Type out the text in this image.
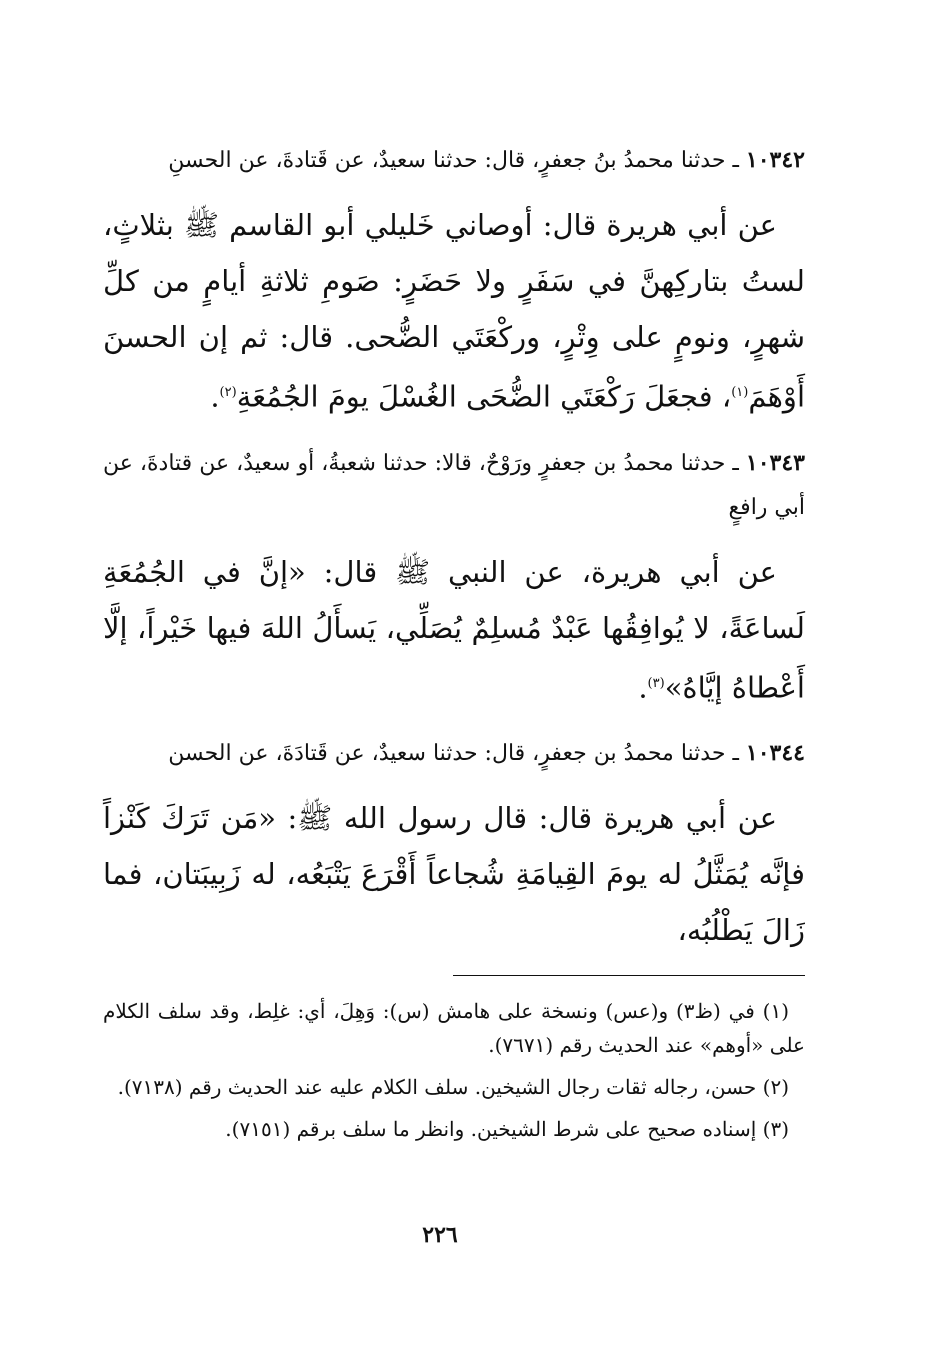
١٠٣٤٢ ـ حدثنا محمدُ بنُ جعفرٍ، قال: حدثنا سعيدٌ، عن قَتادةَ، عن الحسنِ

عن أبي هريرة قال: أوصاني خَليلي أبو القاسم ﷺ بثلاثٍ، لستُ بتاركِهنَّ في سَفَرٍ ولا حَضَرٍ: صَومِ ثلاثةِ أيامٍ من كلِّ شهرٍ، ونومٍ على وِتْرٍ، وركْعَتَي الضُّحى. قال: ثم إن الحسنَ أَوْهَمَ$^{(١)}$، فجعَلَ رَكْعَتَي الضُّحَى الغُسْلَ يومَ الجُمُعَةِ$^{(٢)}$.

١٠٣٤٣ ـ حدثنا محمدُ بن جعفرٍ ورَوْحٌ، قالا: حدثنا شعبةُ، أو سعيدٌ، عن قتادةَ، عن أبي رافعٍ

عن أبي هريرة، عن النبي ﷺ قال: «إنَّ في الجُمُعَةِ لَساعَةً، لا يُوافِقُها عَبْدٌ مُسلِمٌ يُصَلِّي، يَسأَلُ اللهَ فيها خَيْراً، إلَّا أَعْطاهُ إيَّاهُ»$^{(٣)}$.

١٠٣٤٤ ـ حدثنا محمدُ بن جعفرٍ، قال: حدثنا سعيدٌ، عن قَتادَةَ، عن الحسن

عن أبي هريرة قال: قال رسول الله ﷺ: «مَن تَرَكَ كَنْزاً فإنَّه يُمَثَّلُ له يومَ القِيامَةِ شُجاعاً أَقْرَعَ يَتْبَعُه، له زَبِيبَتان، فما زَالَ يَطْلُبُه،

(١) في (ظ٣) و(عس) ونسخة على هامش (س): وَهِلَ، أي: غلِط، وقد سلف الكلام على «أوهم» عند الحديث رقم (٧٦٧١).

(٢) حسن، رجاله ثقات رجال الشيخين. سلف الكلام عليه عند الحديث رقم (٧١٣٨).

(٣) إسناده صحيح على شرط الشيخين. وانظر ما سلف برقم (٧١٥١).

٢٢٦
